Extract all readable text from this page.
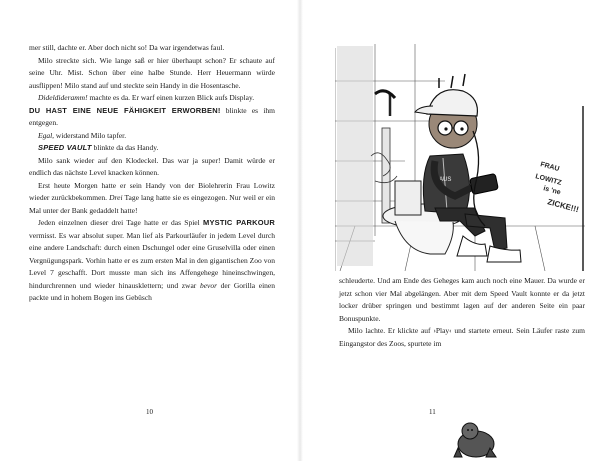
mer still, dachte er. Aber doch nicht so! Da war irgendetwas faul.

Milo streckte sich. Wie lange saß er hier überhaupt schon? Er schaute auf seine Uhr. Mist. Schon über eine halbe Stunde. Herr Heuermann würde ausflippen! Milo stand auf und steckte sein Handy in die Hosentasche.

Dideldideramm! machte es da. Er warf einen kurzen Blick aufs Display.

DU HAST EINE NEUE FÄHIGKEIT ERWORBEN! blinkte es ihm entgegen.

Egal, widerstand Milo tapfer.

SPEED VAULT blinkte da das Handy.

Milo sank wieder auf den Klodeckel. Das war ja super! Damit würde er endlich das nächste Level knacken können.

Erst heute Morgen hatte er sein Handy von der Biolehrerin Frau Lowitz wieder zurückbekommen. Drei Tage lang hatte sie es eingezogen. Nur weil er ein Mal unter der Bank gedaddelt hatte!

Jeden einzelnen dieser drei Tage hatte er das Spiel MYSTIC PARKOUR vermisst. Es war absolut super. Man lief als Parkourläufer in jedem Level durch eine andere Landschaft: durch einen Dschungel oder eine Gruselvilla oder einen Vergnügungspark. Vorhin hatte er es zum ersten Mal in den gigantischen Zoo von Level 7 geschafft. Dort musste man sich ins Affengehege hineinschwingen, hindurchrennen und wieder hinausklettern; und zwar bevor der Gorilla einen packte und in hohem Bogen ins Gebüsch

10
AUS
FRAU
LOWITZ
is 'ne
ZICKE!!!

schleuderte. Und am Ende des Geheges kam auch noch eine Mauer. Da wurde er jetzt schon vier Mal abgelängen. Aber mit dem Speed Vault konnte er da jetzt locker drüber springen und bestimmt lagen auf der anderen Seite ein paar Bonuspunkte.

Milo lachte. Er klickte auf ›Play‹ und startete erneut. Sein Läufer raste zum Eingangstor des Zoos, spurtete im

11
